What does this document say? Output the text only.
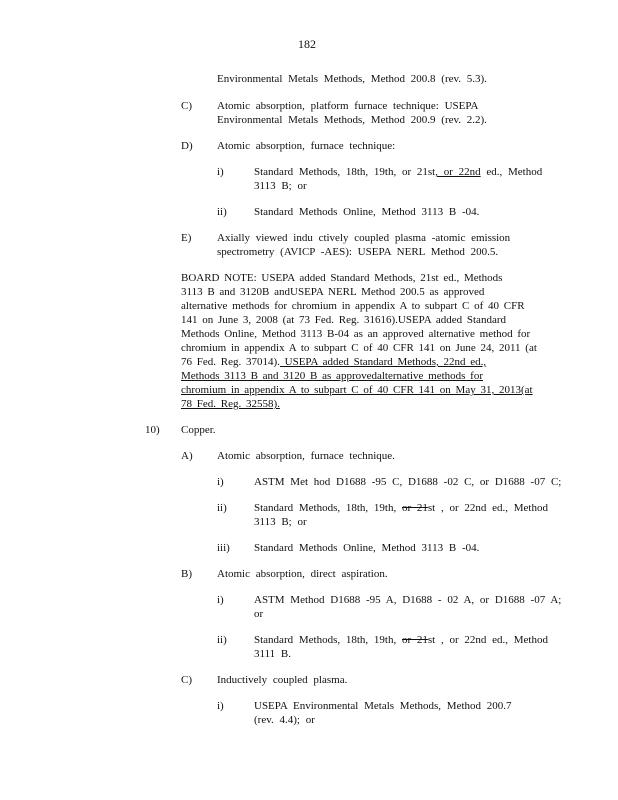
182
Environmental Metals Methods, Method 200.8 (rev. 5.3).
C) Atomic absorption, platform furnace technique: USEPA
Environmental Metals Methods, Method 200.9 (rev. 2.2).
D) Atomic absorption, furnace technique:
i)	Standard Methods, 18th, 19th, or 21st, or 22nd ed., Method
3113 B; or
ii) Standard Methods Online, Method 3113 B -04.
E) Axially viewed indu ctively coupled plasma -atomic emission
spectrometry (AVICP -AES): USEPA NERL Method 200.5.
BOARD NOTE: USEPA added Standard Methods, 21st ed., Methods
3113 B and 3120B andUSEPA NERL Method 200.5 as approved
alternative methods for chromium in appendix A to subpart C of 40 CFR
141 on June 3, 2008 (at 73 Fed. Reg. 31616).USEPA added Standard
Methods Online, Method 3113 B-04 as an approved alternative method for
chromium in appendix A to subpart C of 40 CFR 141 on June 24, 2011 (at
76 Fed. Reg. 37014). USEPA added Standard Methods, 22nd ed.,
Methods 3113 B and 3120 B as approvedalternative methods for
chromium in appendix A to subpart C of 40 CFR 141 on May 31, 2013(at
78 Fed. Reg. 32558).
10) Copper.
A) Atomic absorption, furnace technique.
i)	ASTM Met hod D1688 -95 C, D1688 -02 C, or D1688 -07 C;
ii) Standard Methods, 18th, 19th, or 21st , or 22nd ed., Method
3113 B; or
iii) Standard Methods Online, Method 3113 B -04.
B) Atomic absorption, direct aspiration.
i)	ASTM Method D1688 -95 A, D1688 - 02 A, or D1688 -07 A;
or
ii) Standard Methods, 18th, 19th, or 21st , or 22nd ed., Method
3111 B.
C) Inductively coupled plasma.
i)	USEPA Environmental Metals Methods, Method 200.7
(rev. 4.4); or
